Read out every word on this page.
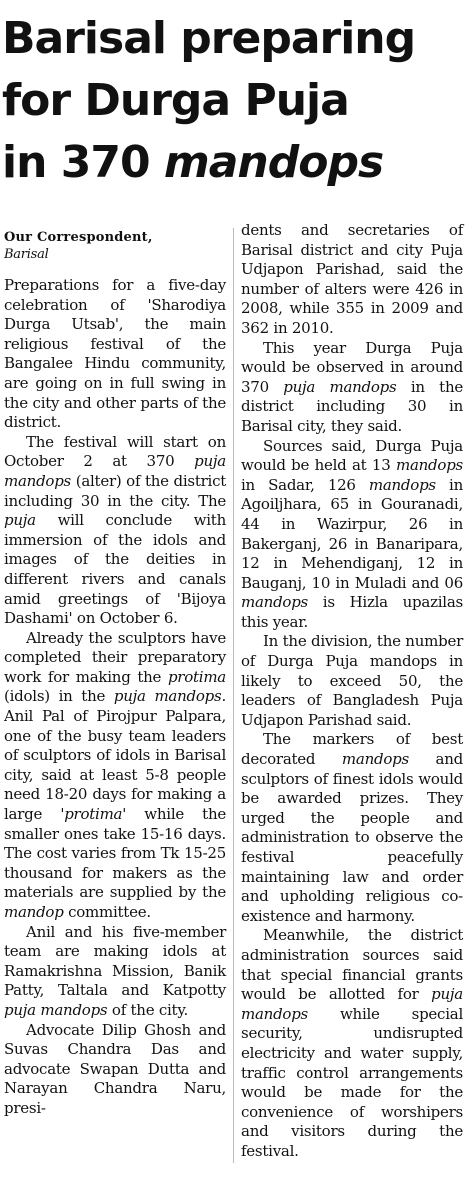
Barisal preparing
for Durga Puja
in 370 mandops
Our Correspondent,
Barisal

Preparations for a five-day celebration of 'Sharodiya Durga Utsab', the main religious festival of the Bangalee Hindu community, are going on in full swing in the city and other parts of the district.

The festival will start on October 2 at 370 puja mandops (alter) of the district including 30 in the city. The puja will conclude with immersion of the idols and images of the deities in different rivers and canals amid greetings of 'Bijoya Dashami' on October 6.

Already the sculptors have completed their preparatory work for making the protima (idols) in the puja mandops. Anil Pal of Pirojpur Palpara, one of the busy team leaders of sculptors of idols in Barisal city, said at least 5-8 people need 18-20 days for making a large 'protima' while the smaller ones take 15-16 days. The cost varies from Tk 15-25 thousand for makers as the materials are supplied by the mandop committee.

Anil and his five-member team are making idols at Ramakrishna Mission, Banik Patty, Taltala and Katpotty puja mandops of the city.

Advocate Dilip Ghosh and Suvas Chandra Das and advocate Swapan Dutta and Narayan Chandra Naru, presi-

dents and secretaries of Barisal district and city Puja Udjapon Parishad, said the number of alters were 426 in 2008, while 355 in 2009 and 362 in 2010.

This year Durga Puja would be observed in around 370 puja mandops in the district including 30 in Barisal city, they said.

Sources said, Durga Puja would be held at 13 mandops in Sadar, 126 mandops in Agoiljhara, 65 in Gouranadi, 44 in Wazirpur, 26 in Bakerganj, 26 in Banaripara, 12 in Mehendiganj, 12 in Bauganj, 10 in Muladi and 06 mandops is Hizla upazilas this year.

In the division, the number of Durga Puja mandops in likely to exceed 50, the leaders of Bangladesh Puja Udjapon Parishad said.

The markers of best decorated mandops and sculptors of finest idols would be awarded prizes. They urged the people and administration to observe the festival peacefully maintaining law and order and upholding religious co-existence and harmony.

Meanwhile, the district administration sources said that special financial grants would be allotted for puja mandops while special security, undisrupted electricity and water supply, traffic control arrangements would be made for the convenience of worshipers and visitors during the festival.
